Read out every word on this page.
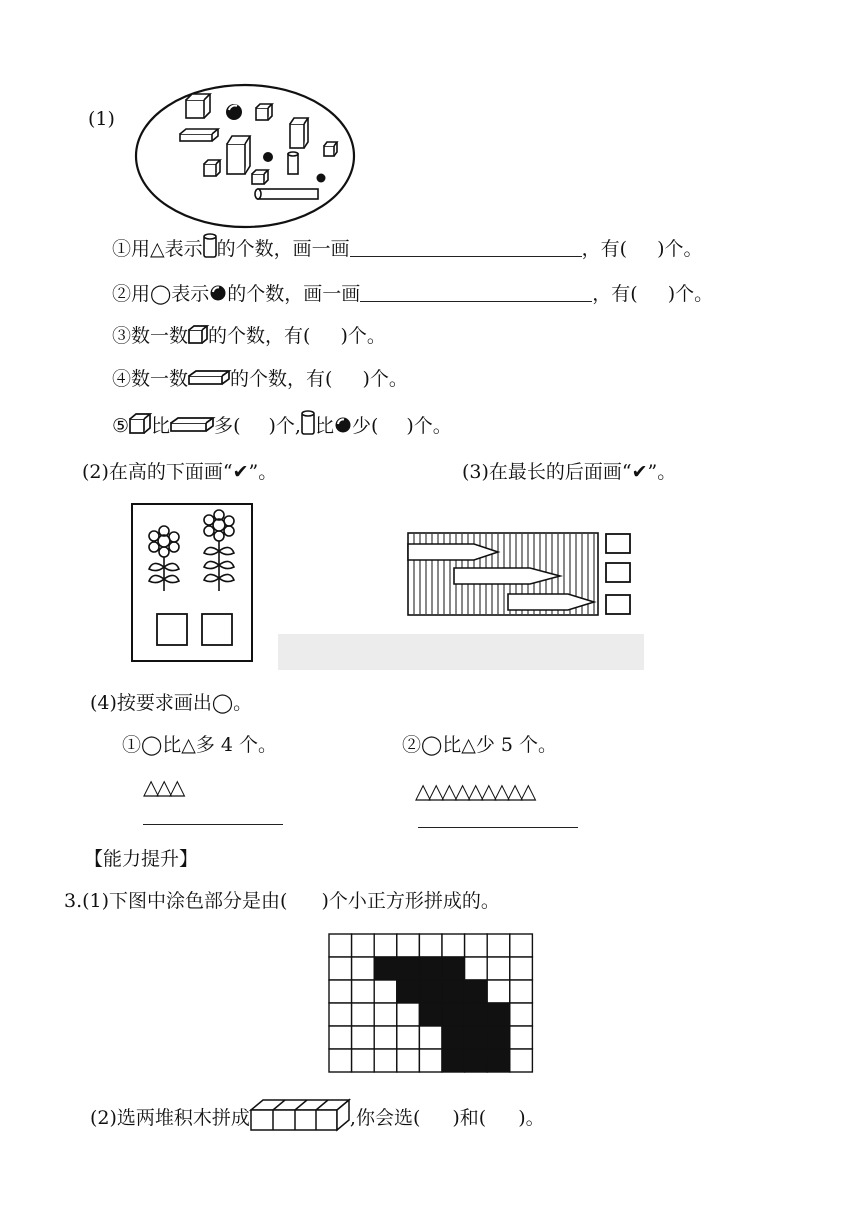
(1)
①用△表示 的个数，画一画	，有( )个。
②用◯表示 的个数，画一画	，有( )个。
③数一数 的个数，有( )个。
④数一数 的个数，有( )个。
⑤ 比 多( )个, 比 少( )个。
(2)在高的下面画“✔”。	(3)在最长的后面画“✔”。
(4)按要求画出◯。
①◯比△多 4 个。	②◯比△少 5 个。
△△△	△△△△△△△△△
【能力提升】
3.(1)下图中涂色部分是由( )个小正方形拼成的。
(2)选两堆积木拼成	,你会选( )和( )。
